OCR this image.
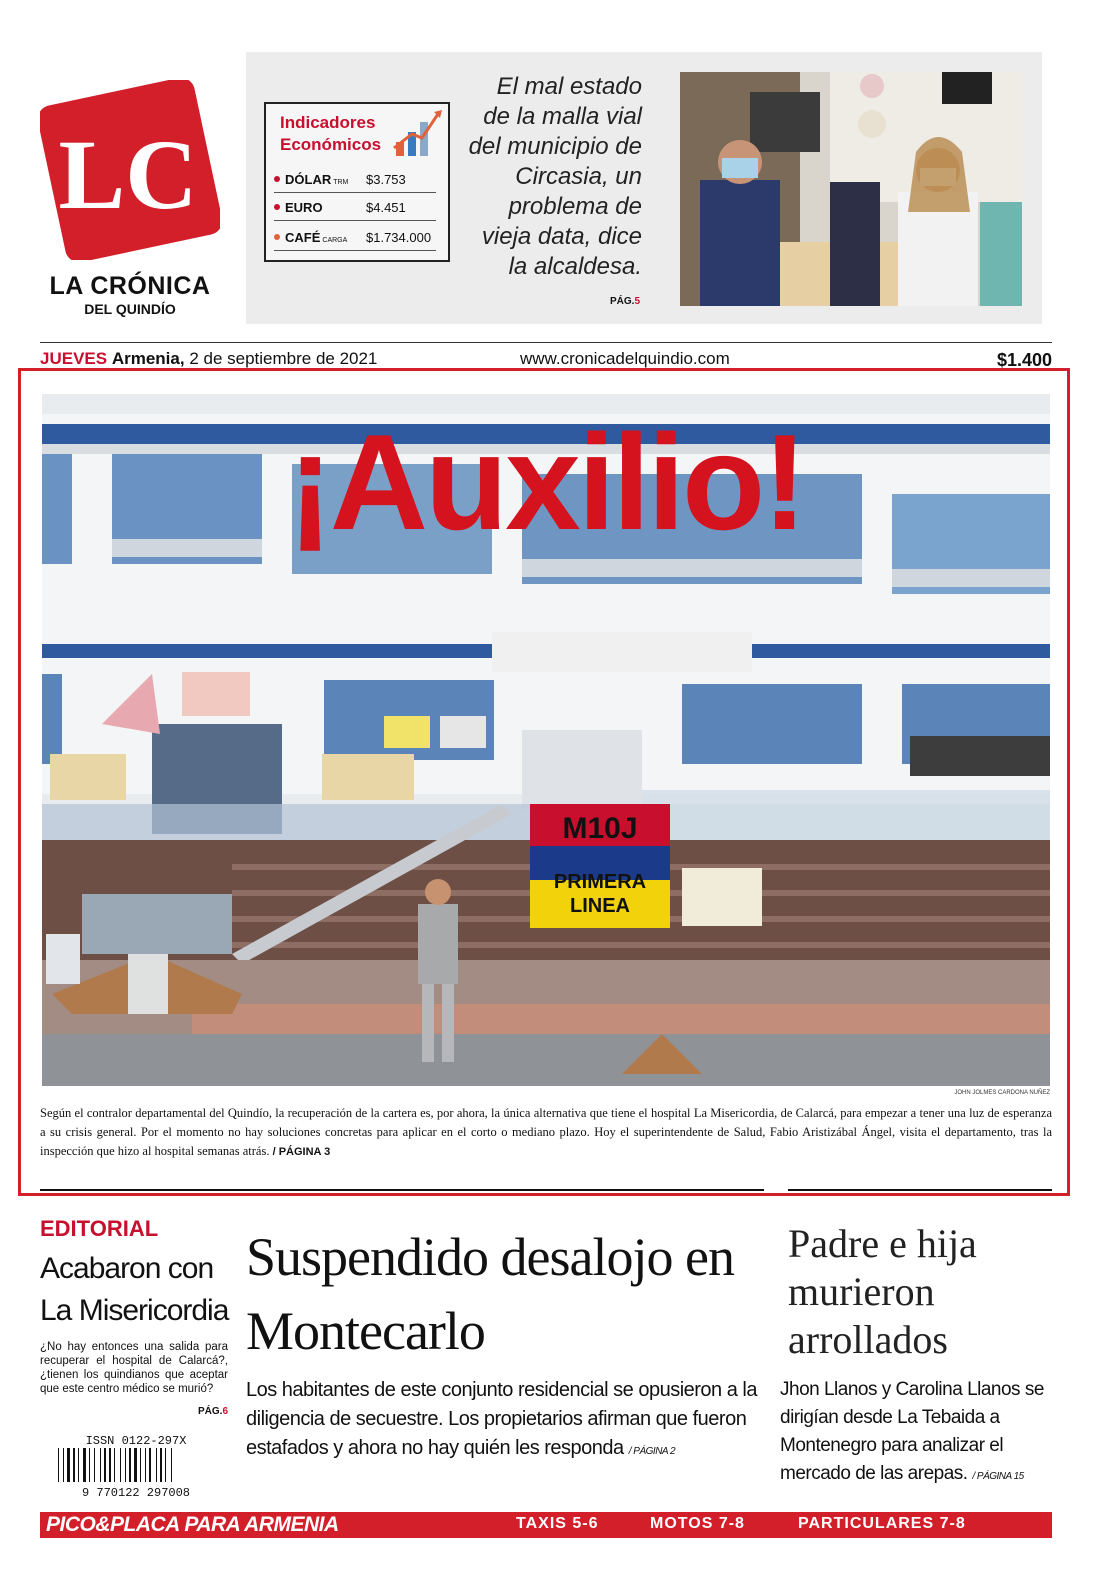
LC
LA CRÓNICA
DEL QUINDÍO
Indicadores
Económicos
DÓLAR TRM $3.753
EURO	$4.451
CAFÉ CARGA $1.734.000
El mal estado de la malla vial del municipio de Circasia, un problema de vieja data, dice la alcaldesa.
PÁG.5
JUEVES Armenia, 2 de septiembre de 2021	www.cronicadelquindio.com	$1.400
M10J
PRIMERA
LINEA
¡Auxilio!
JOHN JOLMES CARDONA NUÑEZ
Según el contralor departamental del Quindío, la recuperación de la cartera es, por ahora, la única alternativa que tiene el hospital La Misericordia, de Calarcá, para empezar a tener una luz de esperanza a su crisis general. Por el momento no hay soluciones concretas para aplicar en el corto o mediano plazo. Hoy el superintendente de Salud, Fabio Aristizábal Ángel, visita el departamento, tras la inspección que hizo al hospital semanas atrás. / PÁGINA 3
EDITORIAL
Acabaron con La Misericordia
¿No hay entonces una salida para recuperar el hospital de Calarcá?, ¿tienen los quindianos que aceptar que este centro médico se murió?
PÁG.6
ISSN 0122-297X
9 770122 297008
Suspendido desalojo en Montecarlo
Los habitantes de este conjunto residencial se opusieron a la diligencia de secuestre. Los propietarios afirman que fueron estafados y ahora no hay quién les responda / PÁGINA 2
Padre e hija murieron arrollados
Jhon Llanos y Carolina Llanos se dirigían desde La Tebaida a Montenegro para analizar el mercado de las arepas. / PÁGINA 15
PICO&PLACA PARA ARMENIA	TAXIS 5-6	MOTOS 7-8	PARTICULARES 7-8
